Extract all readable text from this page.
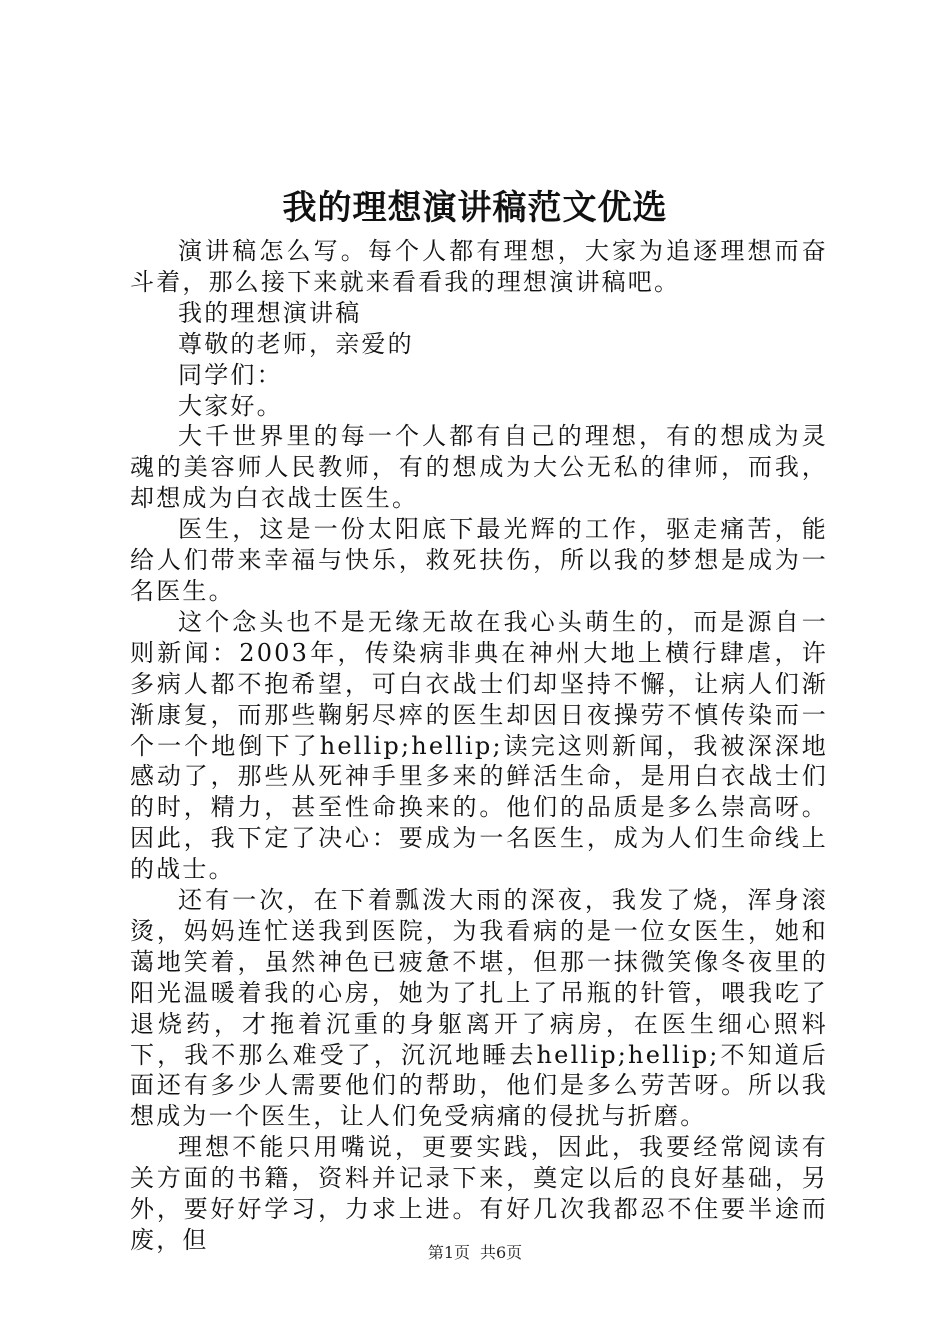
我的理想演讲稿范文优选

演讲稿怎么写。每个人都有理想，大家为追逐理想而奋斗着，那么接下来就来看看我的理想演讲稿吧。

我的理想演讲稿

尊敬的老师，亲爱的

同学们：

大家好。

大千世界里的每一个人都有自己的理想，有的想成为灵魂的美容师人民教师，有的想成为大公无私的律师，而我，却想成为白衣战士医生。

医生，这是一份太阳底下最光辉的工作，驱走痛苦，能给人们带来幸福与快乐，救死扶伤，所以我的梦想是成为一名医生。

这个念头也不是无缘无故在我心头萌生的，而是源自一则新闻：2003年，传染病非典在神州大地上横行肆虐，许多病人都不抱希望，可白衣战士们却坚持不懈，让病人们渐渐康复，而那些鞠躬尽瘁的医生却因日夜操劳不慎传染而一个一个地倒下了hellip;hellip;读完这则新闻，我被深深地感动了，那些从死神手里多来的鲜活生命，是用白衣战士们的时，精力，甚至性命换来的。他们的品质是多么崇高呀。因此，我下定了决心：要成为一名医生，成为人们生命线上的战士。

还有一次，在下着瓢泼大雨的深夜，我发了烧，浑身滚烫，妈妈连忙送我到医院，为我看病的是一位女医生，她和蔼地笑着，虽然神色已疲惫不堪，但那一抹微笑像冬夜里的阳光温暖着我的心房，她为了扎上了吊瓶的针管，喂我吃了退烧药，才拖着沉重的身躯离开了病房，在医生细心照料下，我不那么难受了，沉沉地睡去hellip;hellip;不知道后面还有多少人需要他们的帮助，他们是多么劳苦呀。所以我想成为一个医生，让人们免受病痛的侵扰与折磨。

理想不能只用嘴说，更要实践，因此，我要经常阅读有关方面的书籍，资料并记录下来，奠定以后的良好基础，另外，要好好学习，力求上进。有好几次我都忍不住要半途而废，但	第1页 共6页
